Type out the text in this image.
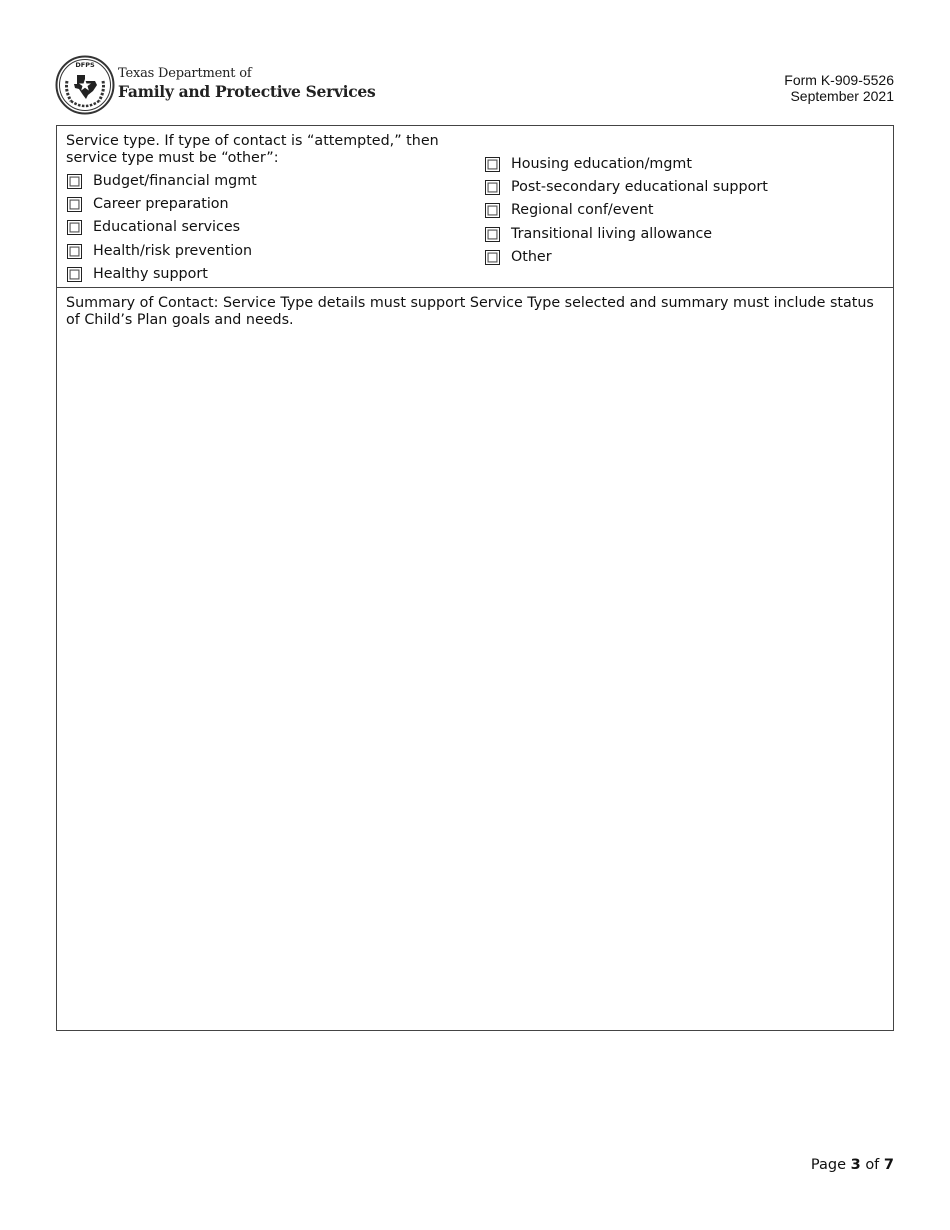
DFPS
Texas Department of
Family and Protective Services
Form K-909-5526
September 2021
Service type. If type of contact is “attempted,” then
service type must be “other”:
Budget/financial mgmt
Career preparation
Educational services
Health/risk prevention
Healthy support
Housing education/mgmt
Post-secondary educational support
Regional conf/event
Transitional living allowance
Other
Summary of Contact: Service Type details must support Service Type selected and summary must include status of Child’s Plan goals and needs.
Page 3 of 7
